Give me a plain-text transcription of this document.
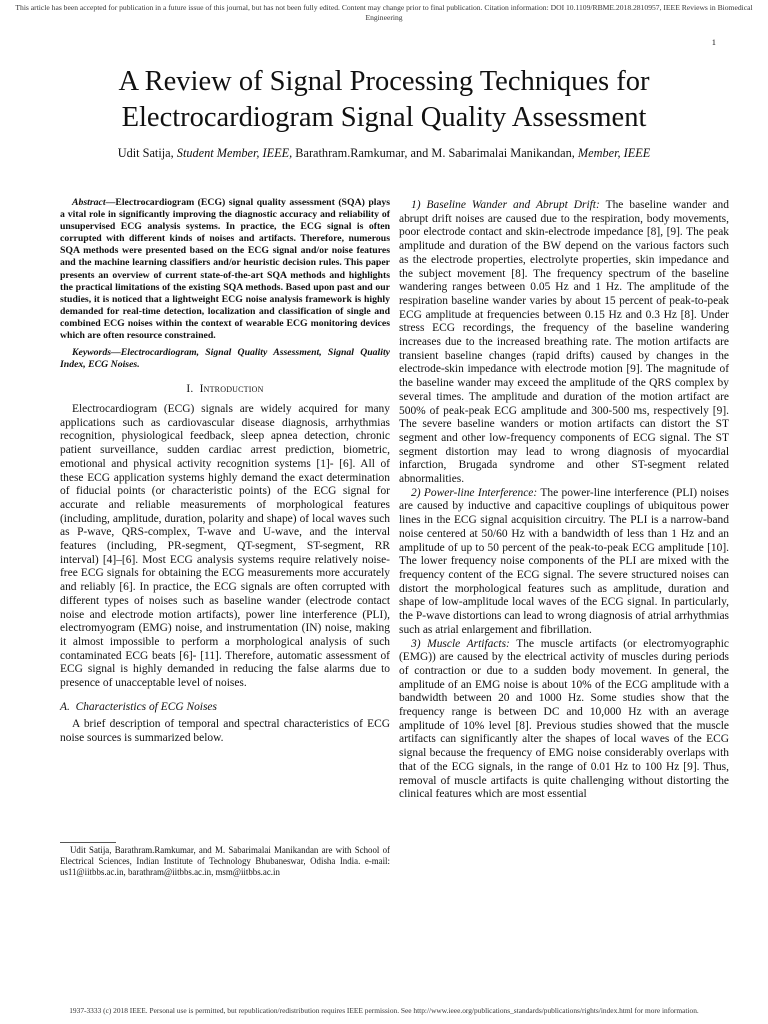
This article has been accepted for publication in a future issue of this journal, but has not been fully edited. Content may change prior to final publication. Citation information: DOI 10.1109/RBME.2018.2810957, IEEE Reviews in Biomedical Engineering
1
A Review of Signal Processing Techniques for Electrocardiogram Signal Quality Assessment
Udit Satija, Student Member, IEEE, Barathram.Ramkumar, and M. Sabarimalai Manikandan, Member, IEEE

Abstract—Electrocardiogram (ECG) signal quality assessment (SQA) plays a vital role in significantly improving the diagnostic accuracy and reliability of unsupervised ECG analysis systems. In practice, the ECG signal is often corrupted with different kinds of noises and artifacts. Therefore, numerous SQA methods were presented based on the ECG signal and/or noise features and the machine learning classifiers and/or heuristic decision rules. This paper presents an overview of current state-of-the-art SQA methods and highlights the practical limitations of the existing SQA methods. Based upon past and our studies, it is noticed that a lightweight ECG noise analysis framework is highly demanded for real-time detection, localization and classification of single and combined ECG noises within the context of wearable ECG monitoring devices which are often resource constrained.

Keywords—Electrocardiogram, Signal Quality Assessment, Signal Quality Index, ECG Noises.

I. Introduction

Electrocardiogram (ECG) signals are widely acquired for many applications such as cardiovascular disease diagnosis, arrhythmias recognition, physiological feedback, sleep apnea detection, chronic patient surveillance, sudden cardiac arrest prediction, biometric, emotional and physical activity recognition systems [1]- [6]. All of these ECG application systems highly demand the exact determination of fiducial points (or characteristic points) of the ECG signal for accurate and reliable measurements of morphological features (including, amplitude, duration, polarity and shape) of local waves such as P-wave, QRS-complex, T-wave and U-wave, and the interval features (including, PR-segment, QT-segment, ST-segment, RR interval) [4]–[6]. Most ECG analysis systems require relatively noise-free ECG signals for obtaining the ECG measurements more accurately and reliably [6]. In practice, the ECG signals are often corrupted with different types of noises such as baseline wander (electrode contact noise and electrode motion artifacts), power line interference (PLI), electromyogram (EMG) noise, and instrumentation (IN) noise, making it almost impossible to perform a morphological analysis of such contaminated ECG beats [6]- [11]. Therefore, automatic assessment of ECG signal is highly demanded in reducing the false alarms due to presence of unacceptable level of noises.

A. Characteristics of ECG Noises

A brief description of temporal and spectral characteristics of ECG noise sources is summarized below.

Udit Satija, Barathram.Ramkumar, and M. Sabarimalai Manikandan are with School of Electrical Sciences, Indian Institute of Technology Bhubaneswar, Odisha India. e-mail: us11@iitbbs.ac.in, barathram@iitbbs.ac.in, msm@iitbbs.ac.in

1) Baseline Wander and Abrupt Drift: The baseline wander and abrupt drift noises are caused due to the respiration, body movements, poor electrode contact and skin-electrode impedance [8], [9]. The peak amplitude and duration of the BW depend on the various factors such as the electrode properties, electrolyte properties, skin impedance and the subject movement [8]. The frequency spectrum of the baseline wandering ranges between 0.05 Hz and 1 Hz. The amplitude of the respiration baseline wander varies by about 15 percent of peak-to-peak ECG amplitude at frequencies between 0.15 Hz and 0.3 Hz [8]. Under stress ECG recordings, the frequency of the baseline wandering increases due to the increased breathing rate. The motion artifacts are transient baseline changes (rapid drifts) caused by changes in the electrode-skin impedance with electrode motion [9]. The magnitude of the baseline wander may exceed the amplitude of the QRS complex by several times. The amplitude and duration of the motion artifact are 500% of peak-peak ECG amplitude and 300-500 ms, respectively [9]. The severe baseline wanders or motion artifacts can distort the ST segment and other low-frequency components of ECG signal. The ST segment distortion may lead to wrong diagnosis of myocardial infarction, Brugada syndrome and other ST-segment related abnormalities.

2) Power-line Interference: The power-line interference (PLI) noises are caused by inductive and capacitive couplings of ubiquitous power lines in the ECG signal acquisition circuitry. The PLI is a narrow-band noise centered at 50/60 Hz with a bandwidth of less than 1 Hz and an amplitude of up to 50 percent of the peak-to-peak ECG amplitude [10]. The lower frequency noise components of the PLI are mixed with the frequency content of the ECG signal. The severe structured noises can distort the morphological features such as amplitude, duration and shape of low-amplitude local waves of the ECG signal. In particularly, the P-wave distortions can lead to wrong diagnosis of atrial arrhythmias such as atrial enlargement and fibrillation.

3) Muscle Artifacts: The muscle artifacts (or electromyographic (EMG)) are caused by the electrical activity of muscles during periods of contraction or due to a sudden body movement. In general, the amplitude of an EMG noise is about 10% of the ECG amplitude with a bandwidth between 20 and 1000 Hz. Some studies show that the frequency range is between DC and 10,000 Hz with an average amplitude of 10% level [8]. Previous studies showed that the muscle artifacts can significantly alter the shapes of local waves of the ECG signal because the frequency of EMG noise considerably overlaps with that of the ECG signals, in the range of 0.01 Hz to 100 Hz [9]. Thus, removal of muscle artifacts is quite challenging without distorting the clinical features which are most essential

1937-3333 (c) 2018 IEEE. Personal use is permitted, but republication/redistribution requires IEEE permission. See http://www.ieee.org/publications_standards/publications/rights/index.html for more information.
